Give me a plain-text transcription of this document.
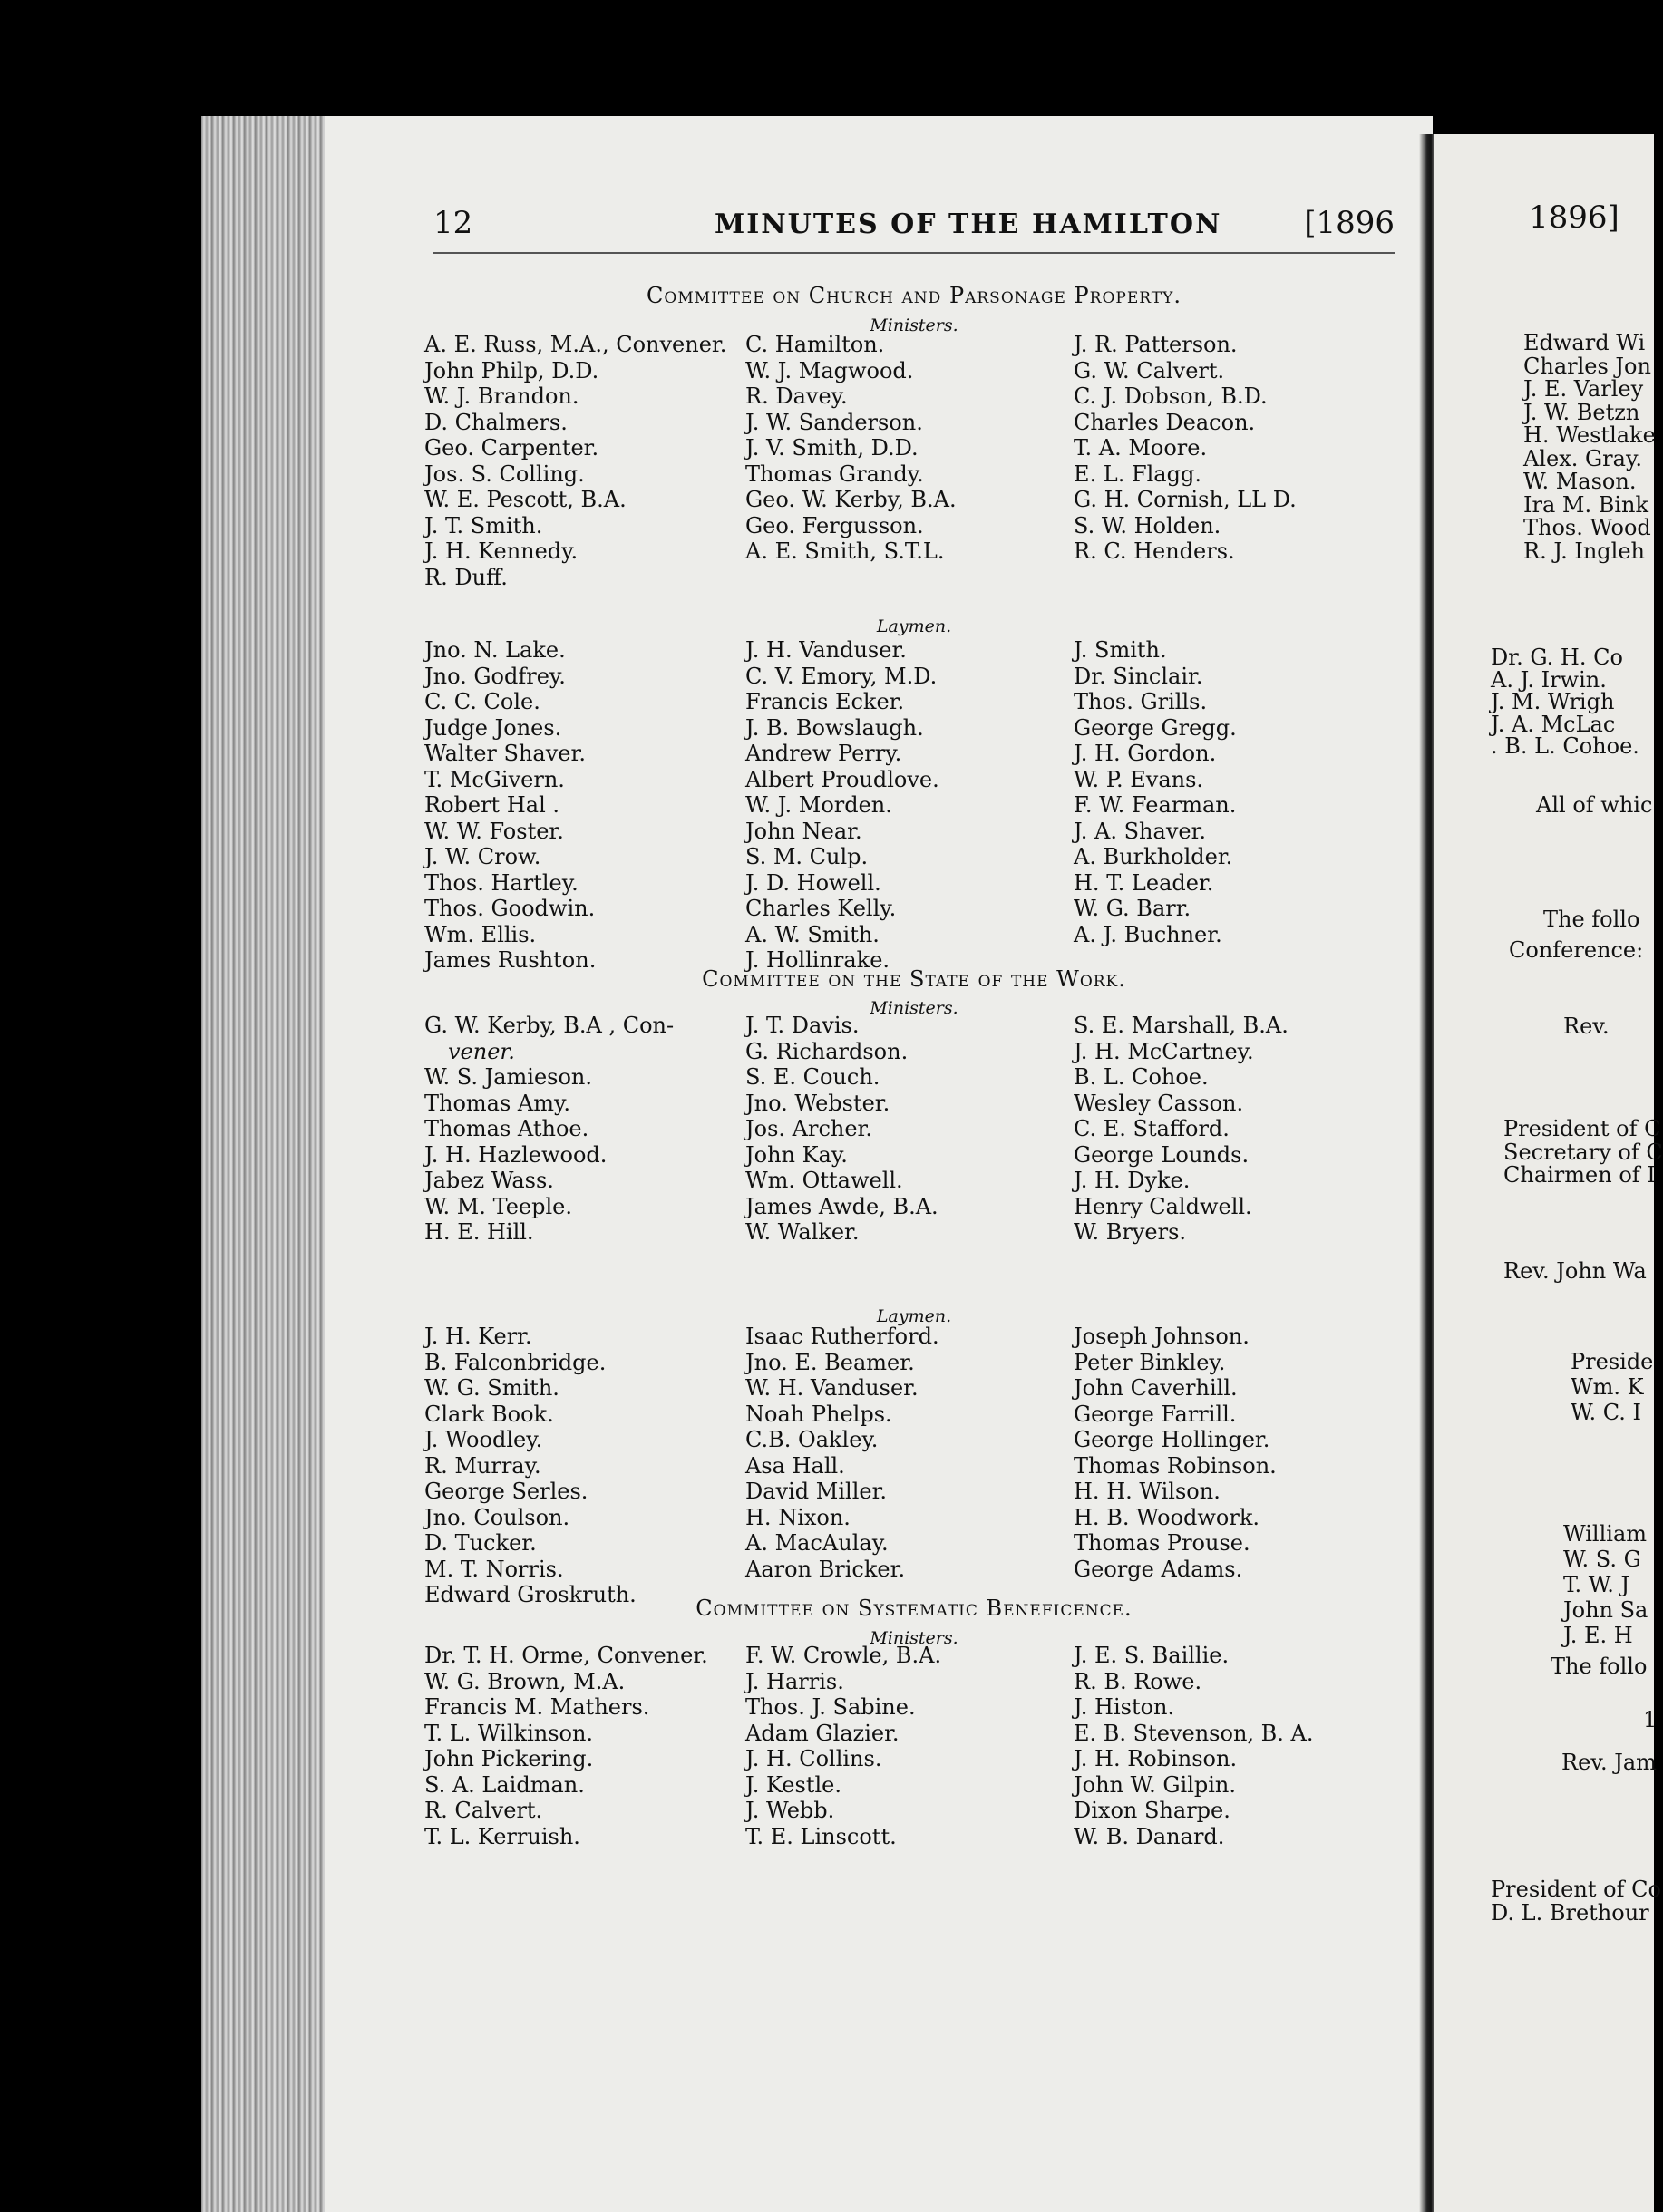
12	MINUTES OF THE HAMILTON	[1896
Committee on Church and Parsonage Property.
Ministers.
A. E. Russ, M.A., Convener.
John Philp, D.D.
W. J. Brandon.
D. Chalmers.
Geo. Carpenter.
Jos. S. Colling.
W. E. Pescott, B.A.
J. T. Smith.
J. H. Kennedy.
R. Duff.
C. Hamilton.
W. J. Magwood.
R. Davey.
J. W. Sanderson.
J. V. Smith, D.D.
Thomas Grandy.
Geo. W. Kerby, B.A.
Geo. Fergusson.
A. E. Smith, S.T.L.
J. R. Patterson.
G. W. Calvert.
C. J. Dobson, B.D.
Charles Deacon.
T. A. Moore.
E. L. Flagg.
G. H. Cornish, LL D.
S. W. Holden.
R. C. Henders.
Laymen.
Jno. N. Lake.
Jno. Godfrey.
C. C. Cole.
Judge Jones.
Walter Shaver.
T. McGivern.
Robert Hal .
W. W. Foster.
J. W. Crow.
Thos. Hartley.
Thos. Goodwin.
Wm. Ellis.
James Rushton.
J. H. Vanduser.
C. V. Emory, M.D.
Francis Ecker.
J. B. Bowslaugh.
Andrew Perry.
Albert Proudlove.
W. J. Morden.
John Near.
S. M. Culp.
J. D. Howell.
Charles Kelly.
A. W. Smith.
J. Hollinrake.
J. Smith.
Dr. Sinclair.
Thos. Grills.
George Gregg.
J. H. Gordon.
W. P. Evans.
F. W. Fearman.
J. A. Shaver.
A. Burkholder.
H. T. Leader.
W. G. Barr.
A. J. Buchner.
Committee on the State of the Work.
Ministers.
G. W. Kerby, B.A , Con-
vener.
W. S. Jamieson.
Thomas Amy.
Thomas Athoe.
J. H. Hazlewood.
Jabez Wass.
W. M. Teeple.
H. E. Hill.
J. T. Davis.
G. Richardson.
S. E. Couch.
Jno. Webster.
Jos. Archer.
John Kay.
Wm. Ottawell.
James Awde, B.A.
W. Walker.
S. E. Marshall, B.A.
J. H. McCartney.
B. L. Cohoe.
Wesley Casson.
C. E. Stafford.
George Lounds.
J. H. Dyke.
Henry Caldwell.
W. Bryers.
Laymen.
J. H. Kerr.
B. Falconbridge.
W. G. Smith.
Clark Book.
J. Woodley.
R. Murray.
George Serles.
Jno. Coulson.
D. Tucker.
M. T. Norris.
Edward Groskruth.
Isaac Rutherford.
Jno. E. Beamer.
W. H. Vanduser.
Noah Phelps.
C.B. Oakley.
Asa Hall.
David Miller.
H. Nixon.
A. MacAulay.
Aaron Bricker.
Joseph Johnson.
Peter Binkley.
John Caverhill.
George Farrill.
George Hollinger.
Thomas Robinson.
H. H. Wilson.
H. B. Woodwork.
Thomas Prouse.
George Adams.
Committee on Systematic Beneficence.
Ministers.
Dr. T. H. Orme, Convener.
W. G. Brown, M.A.
Francis M. Mathers.
T. L. Wilkinson.
John Pickering.
S. A. Laidman.
R. Calvert.
T. L. Kerruish.
F. W. Crowle, B.A.
J. Harris.
Thos. J. Sabine.
Adam Glazier.
J. H. Collins.
J. Kestle.
J. Webb.
T. E. Linscott.
J. E. S. Baillie.
R. B. Rowe.
J. Histon.
E. B. Stevenson, B. A.
J. H. Robinson.
John W. Gilpin.
Dixon Sharpe.
W. B. Danard.
1896]
Edward Wi
Charles Jon
J. E. Varley
J. W. Betzn
H. Westlake
Alex. Gray.
W. Mason.
Ira M. Bink
Thos. Wood
R. J. Ingleh
Dr. G. H. Co
A. J. Irwin.
J. M. Wrigh
J. A. McLac
. B. L. Cohoe.
All of whic
The follo
Conference:
Rev.
President of C
Secretary of C
Chairmen of I
Rev. John Wa
Preside
Wm. K
W. C. I
William
W. S. G
T. W. J
John Sa
J. E. H
The follo
1
Rev. Jam
President of Co
D. L. Brethour
